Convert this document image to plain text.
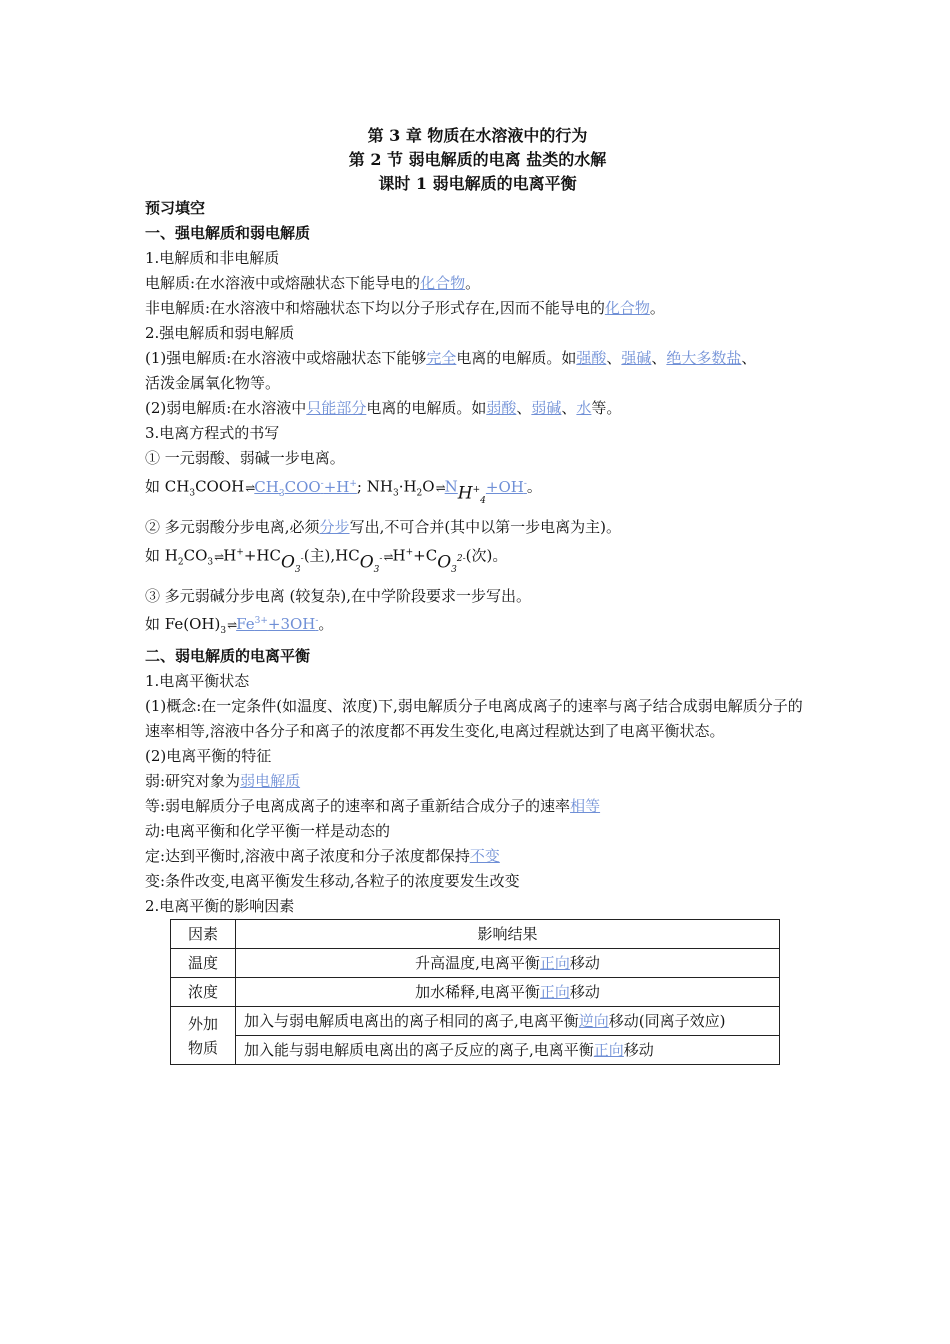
第 3 章 物质在水溶液中的行为
第 2 节 弱电解质的电离 盐类的水解
课时 1 弱电解质的电离平衡
预习填空
一、强电解质和弱电解质
1.电解质和非电解质
电解质:在水溶液中或熔融状态下能导电的化合物。
非电解质:在水溶液中和熔融状态下均以分子形式存在,因而不能导电的化合物。
2.强电解质和弱电解质
(1)强电解质:在水溶液中或熔融状态下能够完全电离的电解质。如强酸、强碱、绝大多数盐、
活泼金属氧化物等。
(2)弱电解质:在水溶液中只能部分电离的电解质。如弱酸、弱碱、水等。
3.电离方程式的书写
① 一元弱酸、弱碱一步电离。
如 $CH_3COOH\rightleftharpoons CH_3COO^-+H^+$; $NH_3\cdot H_2O\rightleftharpoons NH^+_4+OH^-$。
② 多元弱酸分步电离,必须分步写出,不可合并(其中以第一步电离为主)。
如 $H_2CO_3\rightleftharpoons H^++HCO_3^-$(主)$,HCO_3^-\rightleftharpoons H^++CO_3^{2-}$(次)。
③ 多元弱碱分步电离 (较复杂),在中学阶段要求一步写出。
如 $Fe(OH)_3\rightleftharpoons Fe^{3+}+3OH^-$。
二、弱电解质的电离平衡
1.电离平衡状态
(1)概念:在一定条件(如温度、浓度)下,弱电解质分子电离成离子的速率与离子结合成弱电解质分子的速率相等,溶液中各分子和离子的浓度都不再发生变化,电离过程就达到了电离平衡状态。
(2)电离平衡的特征
弱:研究对象为弱电解质
等:弱电解质分子电离成离子的速率和离子重新结合成分子的速率相等
动:电离平衡和化学平衡一样是动态的
定:达到平衡时,溶液中离子浓度和分子浓度都保持不变
变:条件改变,电离平衡发生移动,各粒子的浓度要发生改变
2.电离平衡的影响因素
因素	影响结果
温度	升高温度,电离平衡正向移动
浓度	加水稀释,电离平衡正向移动

外加
物质	加入与弱电解质电离出的离子相同的离子,电离平衡逆向移动(同离子效应)
	加入能与弱电解质电离出的离子反应的离子,电离平衡正向移动
